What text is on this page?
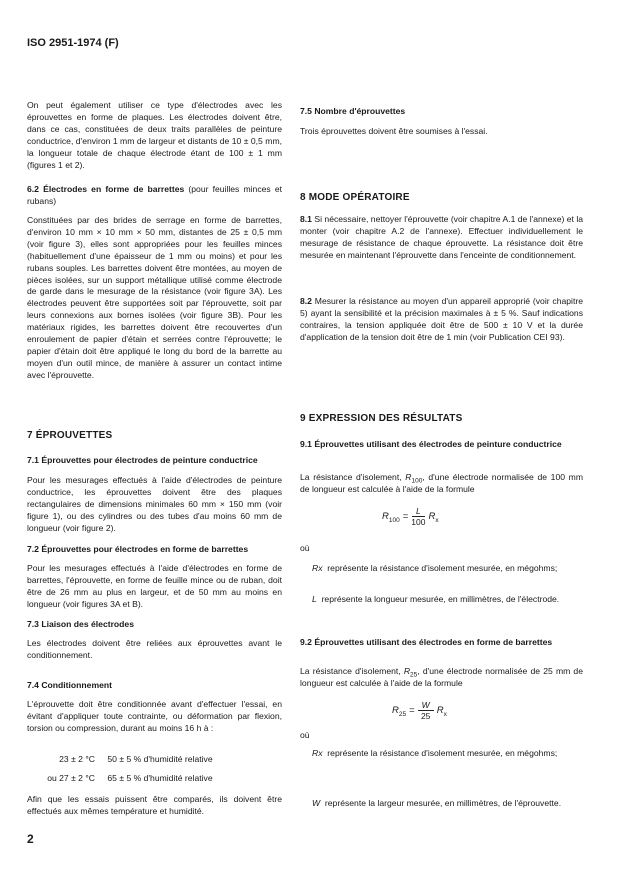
ISO 2951-1974 (F)
On peut également utiliser ce type d'électrodes avec les éprouvettes en forme de plaques. Les électrodes doivent être, dans ce cas, constituées de deux traits parallèles de peinture conductrice, d'environ 1 mm de largeur et distants de 10 ± 0,5 mm, la longueur totale de chaque électrode étant de 100 ± 1 mm (figures 1 et 2).
6.2 Électrodes en forme de barrettes (pour feuilles minces et rubans)
Constituées par des brides de serrage en forme de barrettes, d'environ 10 mm × 10 mm × 50 mm, distantes de 25 ± 0,5 mm (voir figure 3), elles sont appropriées pour les feuilles minces (habituellement d'une épaisseur de 1 mm ou moins) et pour les rubans souples. Les barrettes doivent être montées, au moyen de pièces isolées, sur un support métallique utilisé comme électrode de garde dans le mesurage de la résistance (voir figure 3A). Les électrodes peuvent être supportées soit par l'éprouvette, soit par leurs connexions aux bornes isolées (voir figure 3B). Pour les matériaux rigides, les barrettes doivent être recouvertes d'un enroulement de papier d'étain et serrées contre l'éprouvette; le papier d'étain doit être appliqué le long du bord de la barrette au moyen d'un outil mince, de manière à assurer un contact intime avec l'éprouvette.
7 ÉPROUVETTES
7.1 Éprouvettes pour électrodes de peinture conductrice
Pour les mesurages effectués à l'aide d'électrodes de peinture conductrice, les éprouvettes doivent être des plaques rectangulaires de dimensions minimales 60 mm × 150 mm (voir figure 1), ou des cylindres ou des tubes d'au moins 60 mm de longueur (voir figure 2).
7.2 Éprouvettes pour électrodes en forme de barrettes
Pour les mesurages effectués à l'aide d'électrodes en forme de barrettes, l'éprouvette, en forme de feuille mince ou de ruban, doit être de 26 mm au plus en largeur, et de 50 mm au moins en longueur (voir figures 3A et B).
7.3 Liaison des électrodes
Les électrodes doivent être reliées aux éprouvettes avant le conditionnement.
7.4 Conditionnement
L'éprouvette doit être conditionnée avant d'effectuer l'essai, en évitant d'appliquer toute contrainte, ou déformation par flexion, torsion ou compression, durant au moins 16 h à :
23 ± 2 °C 50 ± 5 % d'humidité relative
ou 27 ± 2 °C 65 ± 5 % d'humidité relative
Afin que les essais puissent être comparés, ils doivent être effectués aux mêmes température et humidité.
7.5 Nombre d'éprouvettes
Trois éprouvettes doivent être soumises à l'essai.
8 MODE OPÉRATOIRE
8.1 Si nécessaire, nettoyer l'éprouvette (voir chapitre A.1 de l'annexe) et la monter (voir chapitre A.2 de l'annexe). Effectuer individuellement le mesurage de résistance de chaque éprouvette. La résistance doit être mesurée en maintenant l'éprouvette dans l'enceinte de conditionnement.
8.2 Mesurer la résistance au moyen d'un appareil approprié (voir chapitre 5) ayant la sensibilité et la précision maximales à ± 5 %. Sauf indications contraires, la tension appliquée doit être de 500 ± 10 V et la durée d'application de la tension doit être de 1 min (voir Publication CEI 93).
9 EXPRESSION DES RÉSULTATS
9.1 Éprouvettes utilisant des électrodes de peinture conductrice
La résistance d'isolement, $R_{100}$, d'une électrode normalisée de 100 mm de longueur est calculée à l'aide de la formule
$R_{100} = \frac{L}{100} R_x$
où
Rx représente la résistance d'isolement mesurée, en mégohms;
L représente la longueur mesurée, en millimètres, de l'électrode.
9.2 Éprouvettes utilisant des électrodes en forme de barrettes
La résistance d'isolement, $R_{25}$, d'une électrode normalisée de 25 mm de longueur est calculée à l'aide de la formule
$R_{25} = \frac{W}{25} R_x$
où
Rx représente la résistance d'isolement mesurée, en mégohms;
W représente la largeur mesurée, en millimètres, de l'éprouvette.
2
